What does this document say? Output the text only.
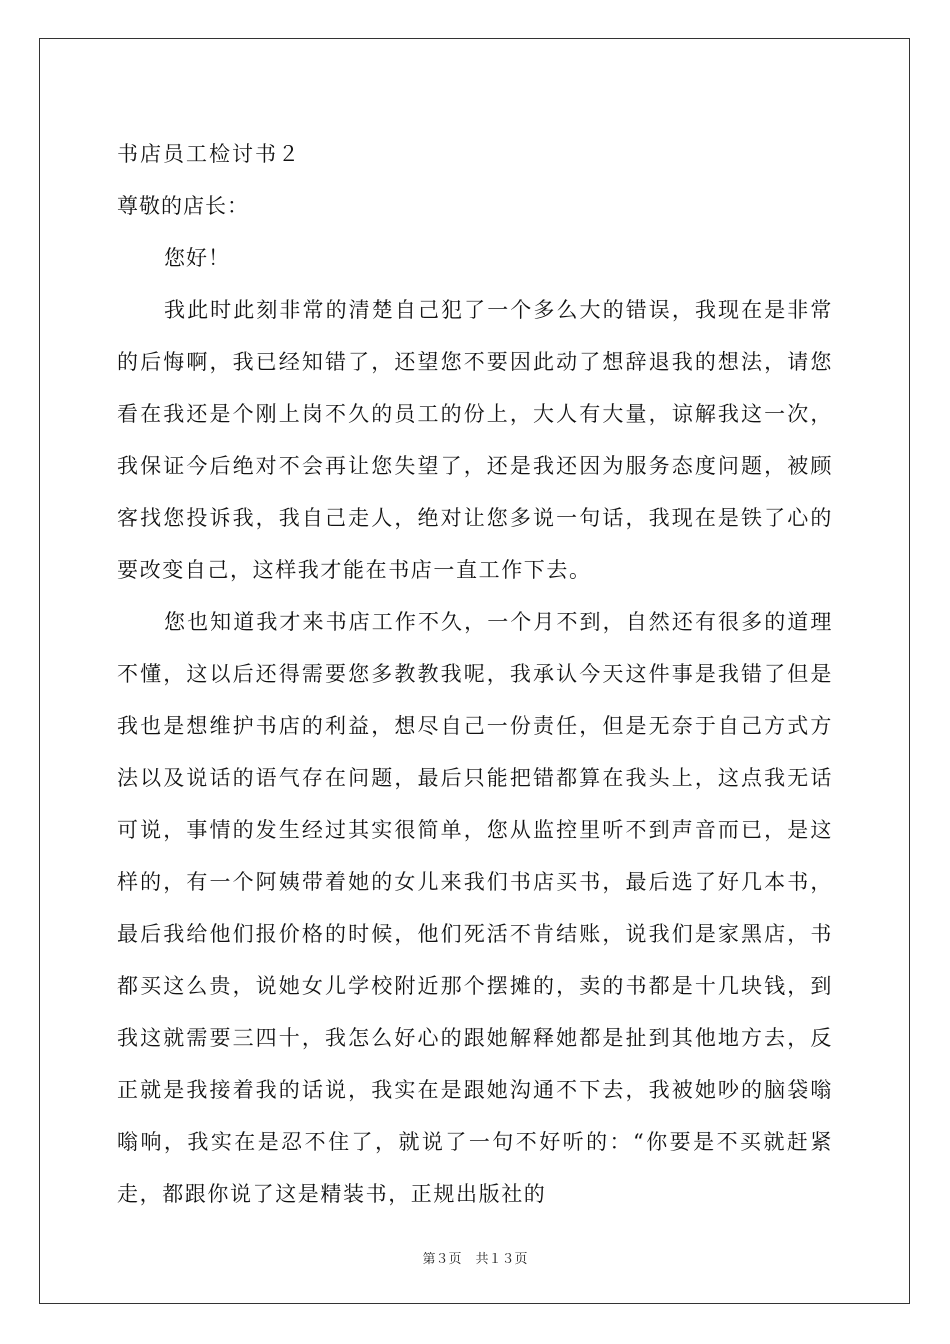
书店员工检讨书２

尊敬的店长：

您好！

我此时此刻非常的清楚自己犯了一个多么大的错误，我现在是非常的后悔啊，我已经知错了，还望您不要因此动了想辞退我的想法，请您看在我还是个刚上岗不久的员工的份上，大人有大量，谅解我这一次，我保证今后绝对不会再让您失望了，还是我还因为服务态度问题，被顾客找您投诉我，我自己走人，绝对让您多说一句话，我现在是铁了心的要改变自己，这样我才能在书店一直工作下去。

您也知道我才来书店工作不久，一个月不到，自然还有很多的道理不懂，这以后还得需要您多教教我呢，我承认今天这件事是我错了但是我也是想维护书店的利益，想尽自己一份责任，但是无奈于自己方式方法以及说话的语气存在问题，最后只能把错都算在我头上，这点我无话可说，事情的发生经过其实很简单，您从监控里听不到声音而已，是这样的，有一个阿姨带着她的女儿来我们书店买书，最后选了好几本书，最后我给他们报价格的时候，他们死活不肯结账，说我们是家黑店，书都买这么贵，说她女儿学校附近那个摆摊的，卖的书都是十几块钱，到我这就需要三四十，我怎么好心的跟她解释她都是扯到其他地方去，反正就是我接着我的话说，我实在是跟她沟通不下去，我被她吵的脑袋嗡嗡响，我实在是忍不住了，就说了一句不好听的：“你要是不买就赶紧走，都跟你说了这是精装书，正规出版社的

第３页 共１３页
